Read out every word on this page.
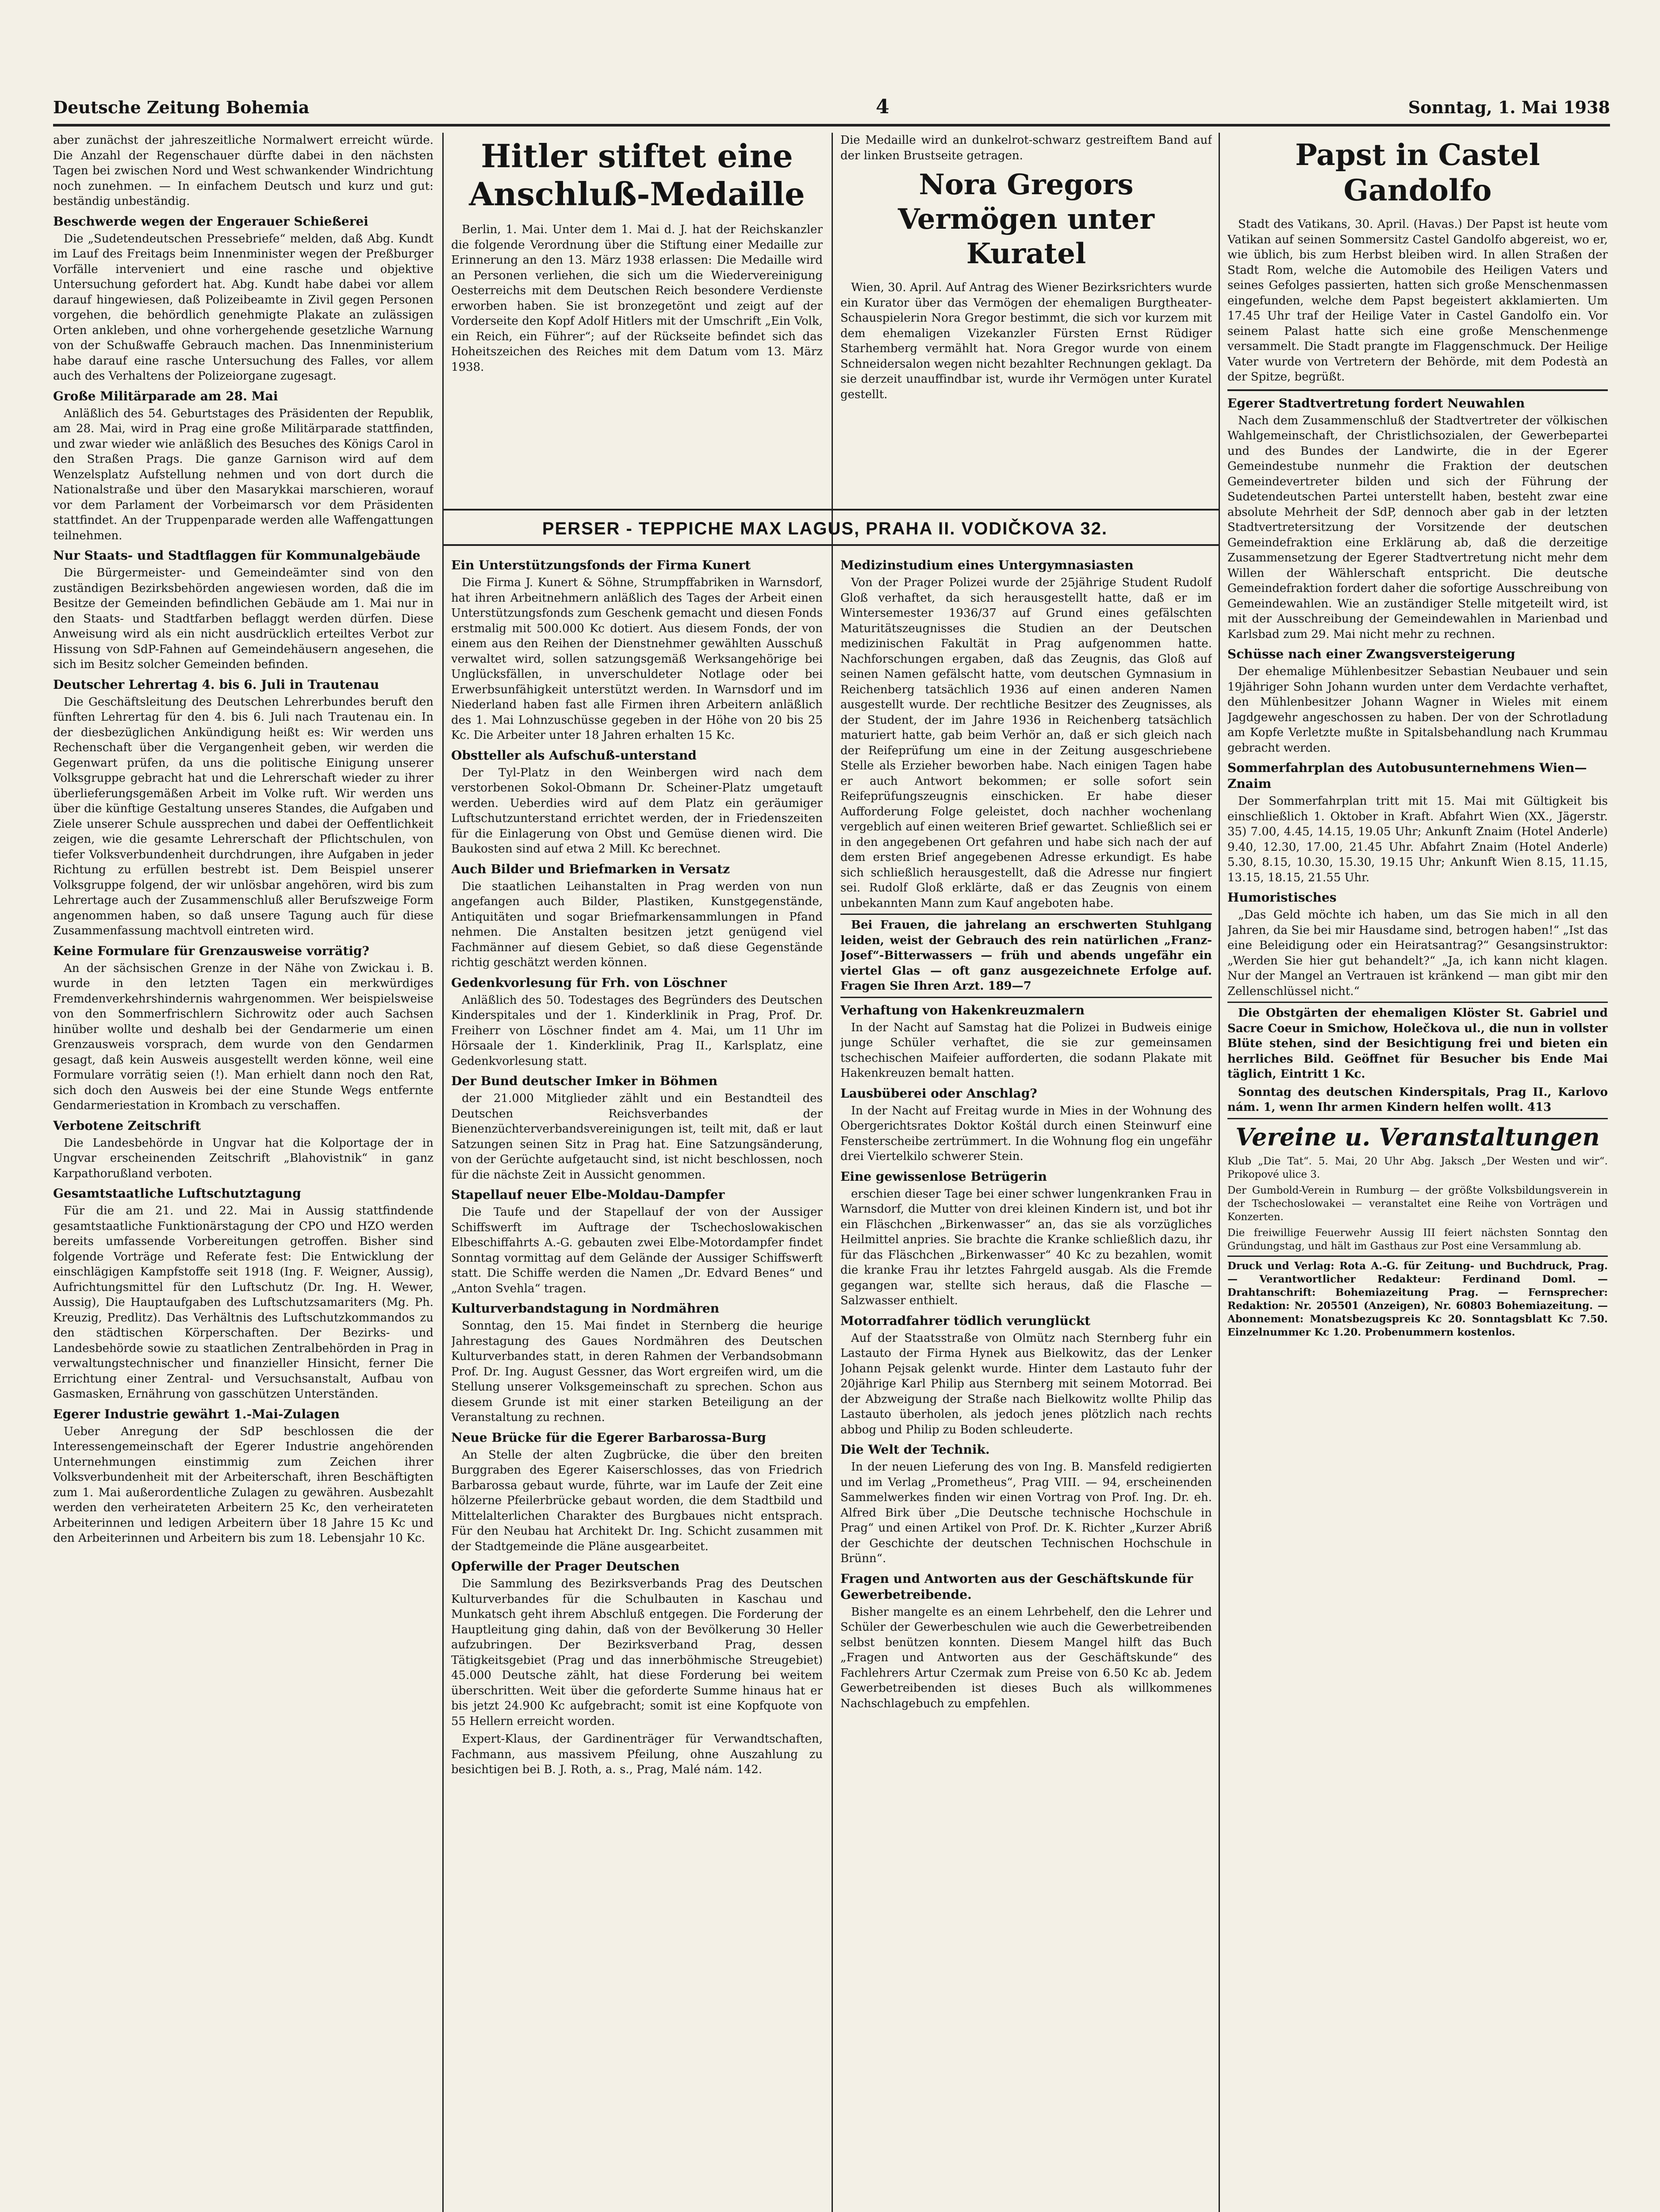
Deutsche Zeitung Bohemia	4	Sonntag, 1. Mai 1938

aber zunächst der jahreszeitliche Normalwert erreicht würde. Die Anzahl der Regenschauer dürfte dabei in den nächsten Tagen bei zwischen Nord und West schwankender Windrichtung noch zunehmen. — In einfachem Deutsch und kurz und gut: beständig unbeständig.

Beschwerde wegen der Engerauer Schießerei

Die „Sudetendeutschen Pressebriefe“ melden, daß Abg. Kundt im Lauf des Freitags beim Innenminister wegen der Preßburger Vorfälle interveniert und eine rasche und objektive Untersuchung gefordert hat. Abg. Kundt habe dabei vor allem darauf hingewiesen, daß Polizeibeamte in Zivil gegen Personen vorgehen, die behördlich genehmigte Plakate an zulässigen Orten ankleben, und ohne vorhergehende gesetzliche Warnung von der Schußwaffe Gebrauch machen. Das Innenministerium habe darauf eine rasche Untersuchung des Falles, vor allem auch des Verhaltens der Polizeiorgane zugesagt.

Große Militärparade am 28. Mai

Anläßlich des 54. Geburtstages des Präsidenten der Republik, am 28. Mai, wird in Prag eine große Militärparade stattfinden, und zwar wieder wie anläßlich des Besuches des Königs Carol in den Straßen Prags. Die ganze Garnison wird auf dem Wenzelsplatz Aufstellung nehmen und von dort durch die Nationalstraße und über den Masarykkai marschieren, worauf vor dem Parlament der Vorbeimarsch vor dem Präsidenten stattfindet. An der Truppenparade werden alle Waffengattungen teilnehmen.

Nur Staats- und Stadtflaggen für Kommunalgebäude

Die Bürgermeister- und Gemeindeämter sind von den zuständigen Bezirksbehörden angewiesen worden, daß die im Besitze der Gemeinden befindlichen Gebäude am 1. Mai nur in den Staats- und Stadtfarben beflaggt werden dürfen. Diese Anweisung wird als ein nicht ausdrücklich erteiltes Verbot zur Hissung von SdP-Fahnen auf Gemeindehäusern angesehen, die sich im Besitz solcher Gemeinden befinden.

Deutscher Lehrertag 4. bis 6. Juli in Trautenau

Die Geschäftsleitung des Deutschen Lehrerbundes beruft den fünften Lehrertag für den 4. bis 6. Juli nach Trautenau ein. In der diesbezüglichen Ankündigung heißt es: Wir werden uns Rechenschaft über die Vergangenheit geben, wir werden die Gegenwart prüfen, da uns die politische Einigung unserer Volksgruppe gebracht hat und die Lehrerschaft wieder zu ihrer überlieferungsgemäßen Arbeit im Volke ruft. Wir werden uns über die künftige Gestaltung unseres Standes, die Aufgaben und Ziele unserer Schule aussprechen und dabei der Oeffentlichkeit zeigen, wie die gesamte Lehrerschaft der Pflichtschulen, von tiefer Volksverbundenheit durchdrungen, ihre Aufgaben in jeder Richtung zu erfüllen bestrebt ist. Dem Beispiel unserer Volksgruppe folgend, der wir unlösbar angehören, wird bis zum Lehrertage auch der Zusammenschluß aller Berufszweige Form angenommen haben, so daß unsere Tagung auch für diese Zusammenfassung machtvoll eintreten wird.

Keine Formulare für Grenzausweise vorrätig?

An der sächsischen Grenze in der Nähe von Zwickau i. B. wurde in den letzten Tagen ein merkwürdiges Fremdenverkehrshindernis wahrgenommen. Wer beispielsweise von den Sommerfrischlern Sichrowitz oder auch Sachsen hinüber wollte und deshalb bei der Gendarmerie um einen Grenzausweis vorsprach, dem wurde von den Gendarmen gesagt, daß kein Ausweis ausgestellt werden könne, weil eine Formulare vorrätig seien (!). Man erhielt dann noch den Rat, sich doch den Ausweis bei der eine Stunde Wegs entfernte Gendarmeriestation in Krombach zu verschaffen.

Verbotene Zeitschrift

Die Landesbehörde in Ungvar hat die Kolportage der in Ungvar erscheinenden Zeitschrift „Blahovistnik“ in ganz Karpathorußland verboten.

Gesamtstaatliche Luftschutztagung

Für die am 21. und 22. Mai in Aussig stattfindende gesamtstaatliche Funktionärstagung der CPO und HZO werden bereits umfassende Vorbereitungen getroffen. Bisher sind folgende Vorträge und Referate fest: Die Entwicklung der einschlägigen Kampfstoffe seit 1918 (Ing. F. Weigner, Aussig), Aufrichtungsmittel für den Luftschutz (Dr. Ing. H. Wewer, Aussig), Die Hauptaufgaben des Luftschutzsamariters (Mg. Ph. Kreuzig, Predlitz). Das Verhältnis des Luftschutzkommandos zu den städtischen Körperschaften. Der Bezirks- und Landesbehörde sowie zu staatlichen Zentralbehörden in Prag in verwaltungstechnischer und finanzieller Hinsicht, ferner Die Errichtung einer Zentral- und Versuchsanstalt, Aufbau von Gasmasken, Ernährung von gasschützen Unterständen.

Egerer Industrie gewährt 1.-Mai-Zulagen

Ueber Anregung der SdP beschlossen die der Interessengemeinschaft der Egerer Industrie angehörenden Unternehmungen einstimmig zum Zeichen ihrer Volksverbundenheit mit der Arbeiterschaft, ihren Beschäftigten zum 1. Mai außerordentliche Zulagen zu gewähren. Ausbezahlt werden den verheirateten Arbeitern 25 Kc, den verheirateten Arbeiterinnen und ledigen Arbeitern über 18 Jahre 15 Kc und den Arbeiterinnen und Arbeitern bis zum 18. Lebensjahr 10 Kc.

Hitler stiftet eine Anschluß-Medaille

Berlin, 1. Mai. Unter dem 1. Mai d. J. hat der Reichskanzler die folgende Verordnung über die Stiftung einer Medaille zur Erinnerung an den 13. März 1938 erlassen: Die Medaille wird an Personen verliehen, die sich um die Wiedervereinigung Oesterreichs mit dem Deutschen Reich besondere Verdienste erworben haben. Sie ist bronzegetönt und zeigt auf der Vorderseite den Kopf Adolf Hitlers mit der Umschrift „Ein Volk, ein Reich, ein Führer“; auf der Rückseite befindet sich das Hoheitszeichen des Reiches mit dem Datum vom 13. März 1938.

PERSER - TEPPICHE MAX LAGUS, PRAHA II. VODIČKOVA 32.
Ein Unterstützungsfonds der Firma Kunert

Die Firma J. Kunert & Söhne, Strumpffabriken in Warnsdorf, hat ihren Arbeitnehmern anläßlich des Tages der Arbeit einen Unterstützungsfonds zum Geschenk gemacht und diesen Fonds erstmalig mit 500.000 Kc dotiert. Aus diesem Fonds, der von einem aus den Reihen der Dienstnehmer gewählten Ausschuß verwaltet wird, sollen satzungsgemäß Werksangehörige bei Unglücksfällen, in unverschuldeter Notlage oder bei Erwerbsunfähigkeit unterstützt werden. In Warnsdorf und im Niederland haben fast alle Firmen ihren Arbeitern anläßlich des 1. Mai Lohnzuschüsse gegeben in der Höhe von 20 bis 25 Kc. Die Arbeiter unter 18 Jahren erhalten 15 Kc.

Obstteller als Aufschuß-unterstand

Der Tyl-Platz in den Weinbergen wird nach dem verstorbenen Sokol-Obmann Dr. Scheiner-Platz umgetauft werden. Ueberdies wird auf dem Platz ein geräumiger Luftschutzunterstand errichtet werden, der in Friedenszeiten für die Einlagerung von Obst und Gemüse dienen wird. Die Baukosten sind auf etwa 2 Mill. Kc berechnet.

Auch Bilder und Briefmarken in Versatz

Die staatlichen Leihanstalten in Prag werden von nun angefangen auch Bilder, Plastiken, Kunstgegenstände, Antiquitäten und sogar Briefmarkensammlungen in Pfand nehmen. Die Anstalten besitzen jetzt genügend viel Fachmänner auf diesem Gebiet, so daß diese Gegenstände richtig geschätzt werden können.

Gedenkvorlesung für Frh. von Löschner

Anläßlich des 50. Todestages des Begründers des Deutschen Kinderspitales und der 1. Kinderklinik in Prag, Prof. Dr. Freiherr von Löschner findet am 4. Mai, um 11 Uhr im Hörsaale der 1. Kinderklinik, Prag II., Karlsplatz, eine Gedenkvorlesung statt.

Der Bund deutscher Imker in Böhmen

der 21.000 Mitglieder zählt und ein Bestandteil des Deutschen Reichsverbandes der Bienenzüchterverbandsvereinigungen ist, teilt mit, daß er laut Satzungen seinen Sitz in Prag hat. Eine Satzungsänderung, von der Gerüchte aufgetaucht sind, ist nicht beschlossen, noch für die nächste Zeit in Aussicht genommen.

Stapellauf neuer Elbe-Moldau-Dampfer

Die Taufe und der Stapellauf der von der Aussiger Schiffswerft im Auftrage der Tschechoslowakischen Elbeschiffahrts A.-G. gebauten zwei Elbe-Motordampfer findet Sonntag vormittag auf dem Gelände der Aussiger Schiffswerft statt. Die Schiffe werden die Namen „Dr. Edvard Benes“ und „Anton Svehla“ tragen.

Kulturverbandstagung in Nordmähren

Sonntag, den 15. Mai findet in Sternberg die heurige Jahrestagung des Gaues Nordmähren des Deutschen Kulturverbandes statt, in deren Rahmen der Verbandsobmann Prof. Dr. Ing. August Gessner, das Wort ergreifen wird, um die Stellung unserer Volksgemeinschaft zu sprechen. Schon aus diesem Grunde ist mit einer starken Beteiligung an der Veranstaltung zu rechnen.

Neue Brücke für die Egerer Barbarossa-Burg

An Stelle der alten Zugbrücke, die über den breiten Burggraben des Egerer Kaiserschlosses, das von Friedrich Barbarossa gebaut wurde, führte, war im Laufe der Zeit eine hölzerne Pfeilerbrücke gebaut worden, die dem Stadtbild und Mittelalterlichen Charakter des Burgbaues nicht entsprach. Für den Neubau hat Architekt Dr. Ing. Schicht zusammen mit der Stadtgemeinde die Pläne ausgearbeitet.

Opferwille der Prager Deutschen

Die Sammlung des Bezirksverbands Prag des Deutschen Kulturverbandes für die Schulbauten in Kaschau und Munkatsch geht ihrem Abschluß entgegen. Die Forderung der Hauptleitung ging dahin, daß von der Bevölkerung 30 Heller aufzubringen. Der Bezirksverband Prag, dessen Tätigkeitsgebiet (Prag und das innerböhmische Streugebiet) 45.000 Deutsche zählt, hat diese Forderung bei weitem überschritten. Weit über die geforderte Summe hinaus hat er bis jetzt 24.900 Kc aufgebracht; somit ist eine Kopfquote von 55 Hellern erreicht worden.

Expert-Klaus, der Gardinenträger für Verwandtschaften, Fachmann, aus massivem Pfeilung, ohne Auszahlung zu besichtigen bei B. J. Roth, a. s., Prag, Malé nám. 142.

Die Medaille wird an dunkelrot-schwarz gestreiftem Band auf der linken Brustseite getragen.

Nora Gregors Vermögen unter Kuratel

Wien, 30. April. Auf Antrag des Wiener Bezirksrichters wurde ein Kurator über das Vermögen der ehemaligen Burgtheater-Schauspielerin Nora Gregor bestimmt, die sich vor kurzem mit dem ehemaligen Vizekanzler Fürsten Ernst Rüdiger Starhemberg vermählt hat. Nora Gregor wurde von einem Schneidersalon wegen nicht bezahlter Rechnungen geklagt. Da sie derzeit unauffindbar ist, wurde ihr Vermögen unter Kuratel gestellt.

Medizinstudium eines Untergymnasiasten

Von der Prager Polizei wurde der 25jährige Student Rudolf Gloß verhaftet, da sich herausgestellt hatte, daß er im Wintersemester 1936/37 auf Grund eines gefälschten Maturitätszeugnisses die Studien an der Deutschen medizinischen Fakultät in Prag aufgenommen hatte. Nachforschungen ergaben, daß das Zeugnis, das Gloß auf seinen Namen gefälscht hatte, vom deutschen Gymnasium in Reichenberg tatsächlich 1936 auf einen anderen Namen ausgestellt wurde. Der rechtliche Besitzer des Zeugnisses, als der Student, der im Jahre 1936 in Reichenberg tatsächlich maturiert hatte, gab beim Verhör an, daß er sich gleich nach der Reifeprüfung um eine in der Zeitung ausgeschriebene Stelle als Erzieher beworben habe. Nach einigen Tagen habe er auch Antwort bekommen; er solle sofort sein Reifeprüfungszeugnis einschicken. Er habe dieser Aufforderung Folge geleistet, doch nachher wochenlang vergeblich auf einen weiteren Brief gewartet. Schließlich sei er in den angegebenen Ort gefahren und habe sich nach der auf dem ersten Brief angegebenen Adresse erkundigt. Es habe sich schließlich herausgestellt, daß die Adresse nur fingiert sei. Rudolf Gloß erklärte, daß er das Zeugnis von einem unbekannten Mann zum Kauf angeboten habe.

Bei Frauen, die jahrelang an erschwerten Stuhlgang leiden, weist der Gebrauch des rein natürlichen „Franz-Josef“-Bitterwassers — früh und abends ungefähr ein viertel Glas — oft ganz ausgezeichnete Erfolge auf. Fragen Sie Ihren Arzt. 189—7

Verhaftung von Hakenkreuzmalern

In der Nacht auf Samstag hat die Polizei in Budweis einige junge Schüler verhaftet, die sie zur gemeinsamen tschechischen Maifeier aufforderten, die sodann Plakate mit Hakenkreuzen bemalt hatten.

Lausbüberei oder Anschlag?

In der Nacht auf Freitag wurde in Mies in der Wohnung des Obergerichtsrates Doktor Koštál durch einen Steinwurf eine Fensterscheibe zertrümmert. In die Wohnung flog ein ungefähr drei Viertelkilo schwerer Stein.

Eine gewissenlose Betrügerin

erschien dieser Tage bei einer schwer lungenkranken Frau in Warnsdorf, die Mutter von drei kleinen Kindern ist, und bot ihr ein Fläschchen „Birkenwasser“ an, das sie als vorzügliches Heilmittel anpries. Sie brachte die Kranke schließlich dazu, ihr für das Fläschchen „Birkenwasser“ 40 Kc zu bezahlen, womit die kranke Frau ihr letztes Fahrgeld ausgab. Als die Fremde gegangen war, stellte sich heraus, daß die Flasche — Salzwasser enthielt.

Motorradfahrer tödlich verunglückt

Auf der Staatsstraße von Olmütz nach Sternberg fuhr ein Lastauto der Firma Hynek aus Bielkowitz, das der Lenker Johann Pejsak gelenkt wurde. Hinter dem Lastauto fuhr der 20jährige Karl Philip aus Sternberg mit seinem Motorrad. Bei der Abzweigung der Straße nach Bielkowitz wollte Philip das Lastauto überholen, als jedoch jenes plötzlich nach rechts abbog und Philip zu Boden schleuderte.

Die Welt der Technik.

In der neuen Lieferung des von Ing. B. Mansfeld redigierten und im Verlag „Prometheus“, Prag VIII. — 94, erscheinenden Sammelwerkes finden wir einen Vortrag von Prof. Ing. Dr. eh. Alfred Birk über „Die Deutsche technische Hochschule in Prag“ und einen Artikel von Prof. Dr. K. Richter „Kurzer Abriß der Geschichte der deutschen Technischen Hochschule in Brünn“.

Fragen und Antworten aus der Geschäftskunde für Gewerbetreibende.

Bisher mangelte es an einem Lehrbehelf, den die Lehrer und Schüler der Gewerbeschulen wie auch die Gewerbetreibenden selbst benützen konnten. Diesem Mangel hilft das Buch „Fragen und Antworten aus der Geschäftskunde“ des Fachlehrers Artur Czermak zum Preise von 6.50 Kc ab. Jedem Gewerbetreibenden ist dieses Buch als willkommenes Nachschlagebuch zu empfehlen.

Papst in Castel Gandolfo

Stadt des Vatikans, 30. April. (Havas.) Der Papst ist heute vom Vatikan auf seinen Sommersitz Castel Gandolfo abgereist, wo er, wie üblich, bis zum Herbst bleiben wird. In allen Straßen der Stadt Rom, welche die Automobile des Heiligen Vaters und seines Gefolges passierten, hatten sich große Menschenmassen eingefunden, welche dem Papst begeistert akklamierten. Um 17.45 Uhr traf der Heilige Vater in Castel Gandolfo ein. Vor seinem Palast hatte sich eine große Menschenmenge versammelt. Die Stadt prangte im Flaggenschmuck. Der Heilige Vater wurde von Vertretern der Behörde, mit dem Podestà an der Spitze, begrüßt.

Egerer Stadtvertretung fordert Neuwahlen

Nach dem Zusammenschluß der Stadtvertreter der völkischen Wahlgemeinschaft, der Christlichsozialen, der Gewerbepartei und des Bundes der Landwirte, die in der Egerer Gemeindestube nunmehr die Fraktion der deutschen Gemeindevertreter bilden und sich der Führung der Sudetendeutschen Partei unterstellt haben, besteht zwar eine absolute Mehrheit der SdP, dennoch aber gab in der letzten Stadtvertretersitzung der Vorsitzende der deutschen Gemeindefraktion eine Erklärung ab, daß die derzeitige Zusammensetzung der Egerer Stadtvertretung nicht mehr dem Willen der Wählerschaft entspricht. Die deutsche Gemeindefraktion fordert daher die sofortige Ausschreibung von Gemeindewahlen. Wie an zuständiger Stelle mitgeteilt wird, ist mit der Ausschreibung der Gemeindewahlen in Marienbad und Karlsbad zum 29. Mai nicht mehr zu rechnen.

Schüsse nach einer Zwangsversteigerung

Der ehemalige Mühlenbesitzer Sebastian Neubauer und sein 19jähriger Sohn Johann wurden unter dem Verdachte verhaftet, den Mühlenbesitzer Johann Wagner in Wieles mit einem Jagdgewehr angeschossen zu haben. Der von der Schrotladung am Kopfe Verletzte mußte in Spitalsbehandlung nach Krummau gebracht werden.

Sommerfahrplan des Autobusunternehmens Wien—Znaim

Der Sommerfahrplan tritt mit 15. Mai mit Gültigkeit bis einschließlich 1. Oktober in Kraft. Abfahrt Wien (XX., Jägerstr. 35) 7.00, 4.45, 14.15, 19.05 Uhr; Ankunft Znaim (Hotel Anderle) 9.40, 12.30, 17.00, 21.45 Uhr. Abfahrt Znaim (Hotel Anderle) 5.30, 8.15, 10.30, 15.30, 19.15 Uhr; Ankunft Wien 8.15, 11.15, 13.15, 18.15, 21.55 Uhr.

Humoristisches

„Das Geld möchte ich haben, um das Sie mich in all den Jahren, da Sie bei mir Hausdame sind, betrogen haben!“ „Ist das eine Beleidigung oder ein Heiratsantrag?“ Gesangsinstruktor: „Werden Sie hier gut behandelt?“ „Ja, ich kann nicht klagen. Nur der Mangel an Vertrauen ist kränkend — man gibt mir den Zellenschlüssel nicht.“

Die Obstgärten der ehemaligen Klöster St. Gabriel und Sacre Coeur in Smichow, Holečkova ul., die nun in vollster Blüte stehen, sind der Besichtigung frei und bieten ein herrliches Bild. Geöffnet für Besucher bis Ende Mai täglich, Eintritt 1 Kc.

Sonntag des deutschen Kinderspitals, Prag II., Karlovo nám. 1, wenn Ihr armen Kindern helfen wollt. 413

Vereine u. Veranstaltungen

Klub „Die Tat“. 5. Mai, 20 Uhr Abg. Jaksch „Der Westen und wir“. Prikopové ulice 3.

Der Gumbold-Verein in Rumburg — der größte Volksbildungsverein in der Tschechoslowakei — veranstaltet eine Reihe von Vorträgen und Konzerten.

Die freiwillige Feuerwehr Aussig III feiert nächsten Sonntag den Gründungstag, und hält im Gasthaus zur Post eine Versammlung ab.

Druck und Verlag: Rota A.-G. für Zeitung- und Buchdruck, Prag. — Verantwortlicher Redakteur: Ferdinand Doml. — Drahtanschrift: Bohemiazeitung Prag. — Fernsprecher: Redaktion: Nr. 205501 (Anzeigen), Nr. 60803 Bohemiazeitung. — Abonnement: Monatsbezugspreis Kc 20. Sonntagsblatt Kc 7.50. Einzelnummer Kc 1.20. Probenummern kostenlos.
